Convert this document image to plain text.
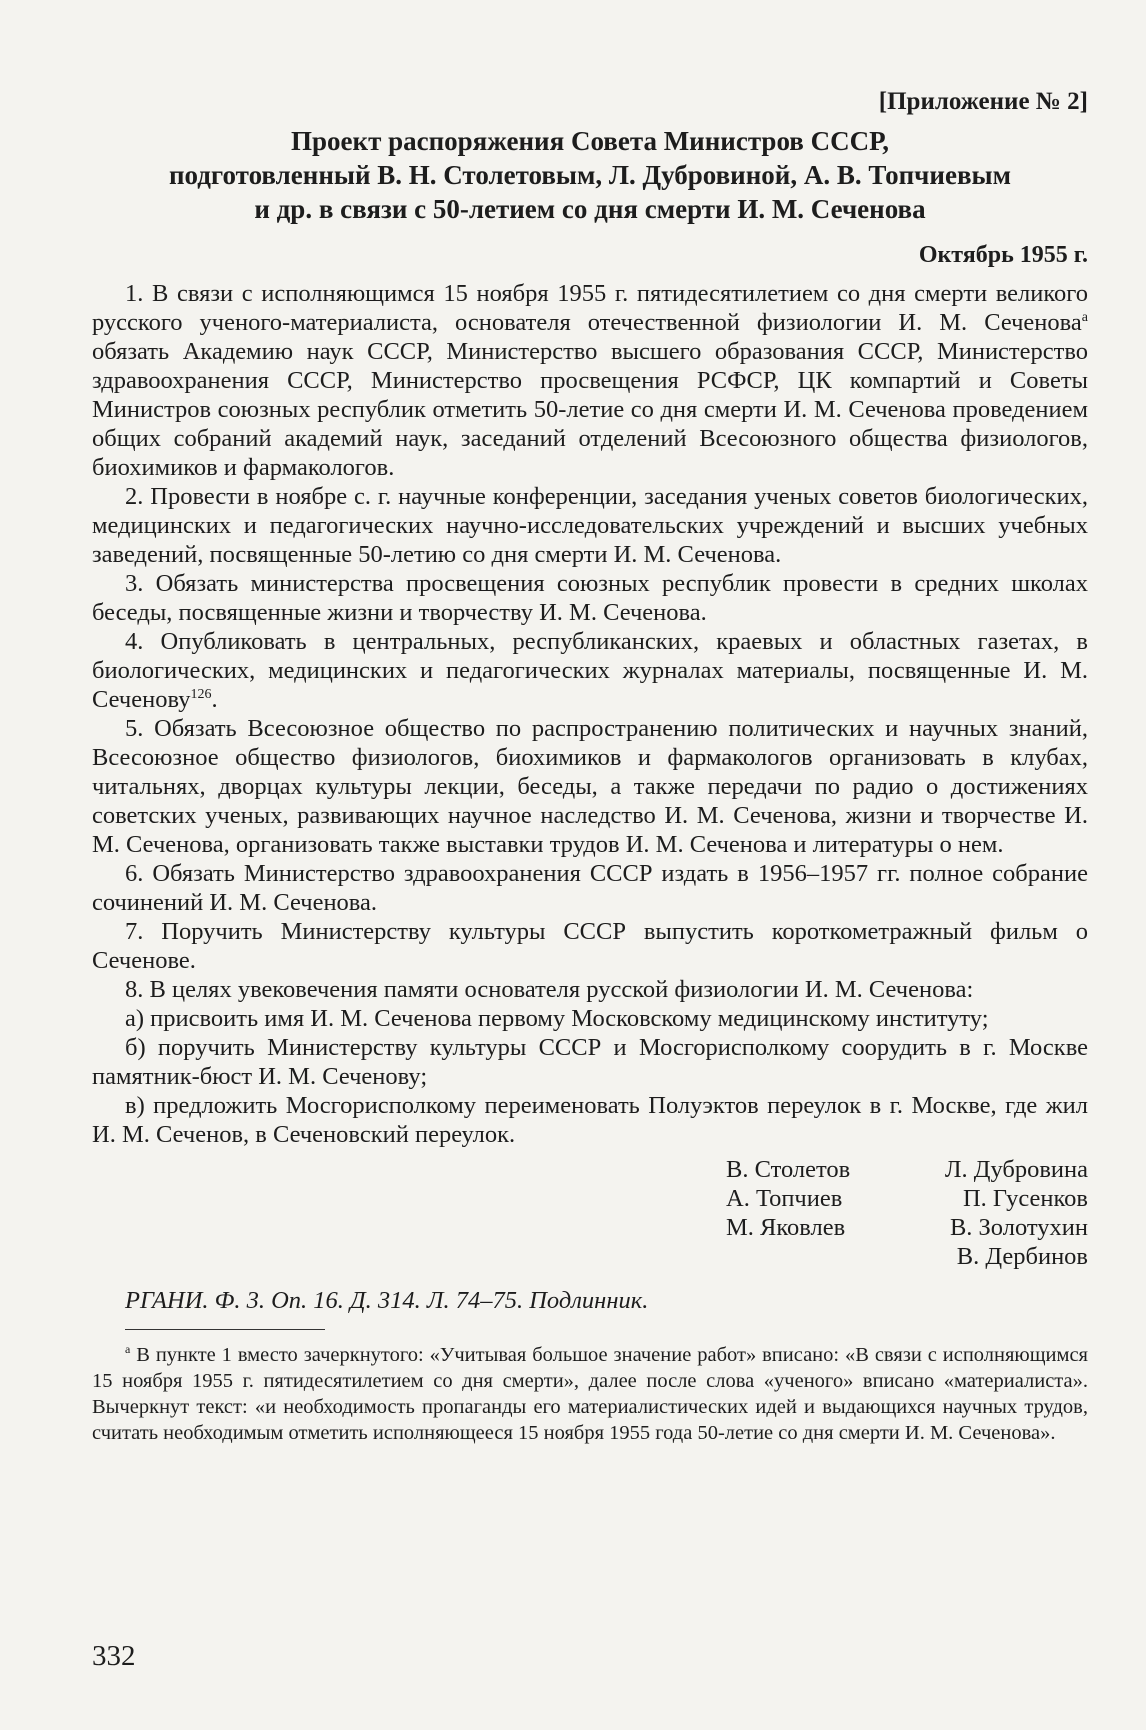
[Приложение № 2]

Проект распоряжения Совета Министров СССР,
подготовленный В. Н. Столетовым, Л. Дубровиной, А. В. Топчиевым
и др. в связи с 50-летием со дня смерти И. М. Сеченова

Октябрь 1955 г.

1. В связи с исполняющимся 15 ноября 1955 г. пятидесятилетием со дня смерти великого русского ученого-материалиста, основателя отечественной физиологии И. М. Сеченова$^а$ обязать Академию наук СССР, Министерство высшего образования СССР, Министерство здравоохранения СССР, Министерство просвещения РСФСР, ЦК компартий и Советы Министров союзных республик отметить 50-летие со дня смерти И. М. Сеченова проведением общих собраний академий наук, заседаний отделений Всесоюзного общества физиологов, биохимиков и фармакологов.

2. Провести в ноябре с. г. научные конференции, заседания ученых советов биологических, медицинских и педагогических научно-исследовательских учреждений и высших учебных заведений, посвященные 50-летию со дня смерти И. М. Сеченова.

3. Обязать министерства просвещения союзных республик провести в средних школах беседы, посвященные жизни и творчеству И. М. Сеченова.

4. Опубликовать в центральных, республиканских, краевых и областных газетах, в биологических, медицинских и педагогических журналах материалы, посвященные И. М. Сеченову$^{126}$.

5. Обязать Всесоюзное общество по распространению политических и научных знаний, Всесоюзное общество физиологов, биохимиков и фармакологов организовать в клубах, читальнях, дворцах культуры лекции, беседы, а также передачи по радио о достижениях советских ученых, развивающих научное наследство И. М. Сеченова, жизни и творчестве И. М. Сеченова, организовать также выставки трудов И. М. Сеченова и литературы о нем.

6. Обязать Министерство здравоохранения СССР издать в 1956–1957 гг. полное собрание сочинений И. М. Сеченова.

7. Поручить Министерству культуры СССР выпустить короткометражный фильм о Сеченове.

8. В целях увековечения памяти основателя русской физиологии И. М. Сеченова:

а) присвоить имя И. М. Сеченова первому Московскому медицинскому институту;

б) поручить Министерству культуры СССР и Мосгорисполкому соорудить в г. Москве памятник-бюст И. М. Сеченову;

в) предложить Мосгорисполкому переименовать Полуэктов переулок в г. Москве, где жил И. М. Сеченов, в Сеченовский переулок.

В. Столетов	Л. Дубровина
А. Топчиев	П. Гусенков
М. Яковлев	В. Золотухин
В. Дербинов

РГАНИ. Ф. 3. Оп. 16. Д. 314. Л. 74–75. Подлинник.

$^а$ В пункте 1 вместо зачеркнутого: «Учитывая большое значение работ» вписано: «В связи с исполняющимся 15 ноября 1955 г. пятидесятилетием со дня смерти», далее после слова «ученого» вписано «материалиста». Вычеркнут текст: «и необходимость пропаганды его материалистических идей и выдающихся научных трудов, считать необходимым отметить исполняющееся 15 ноября 1955 года 50-летие со дня смерти И. М. Сеченова».

332
